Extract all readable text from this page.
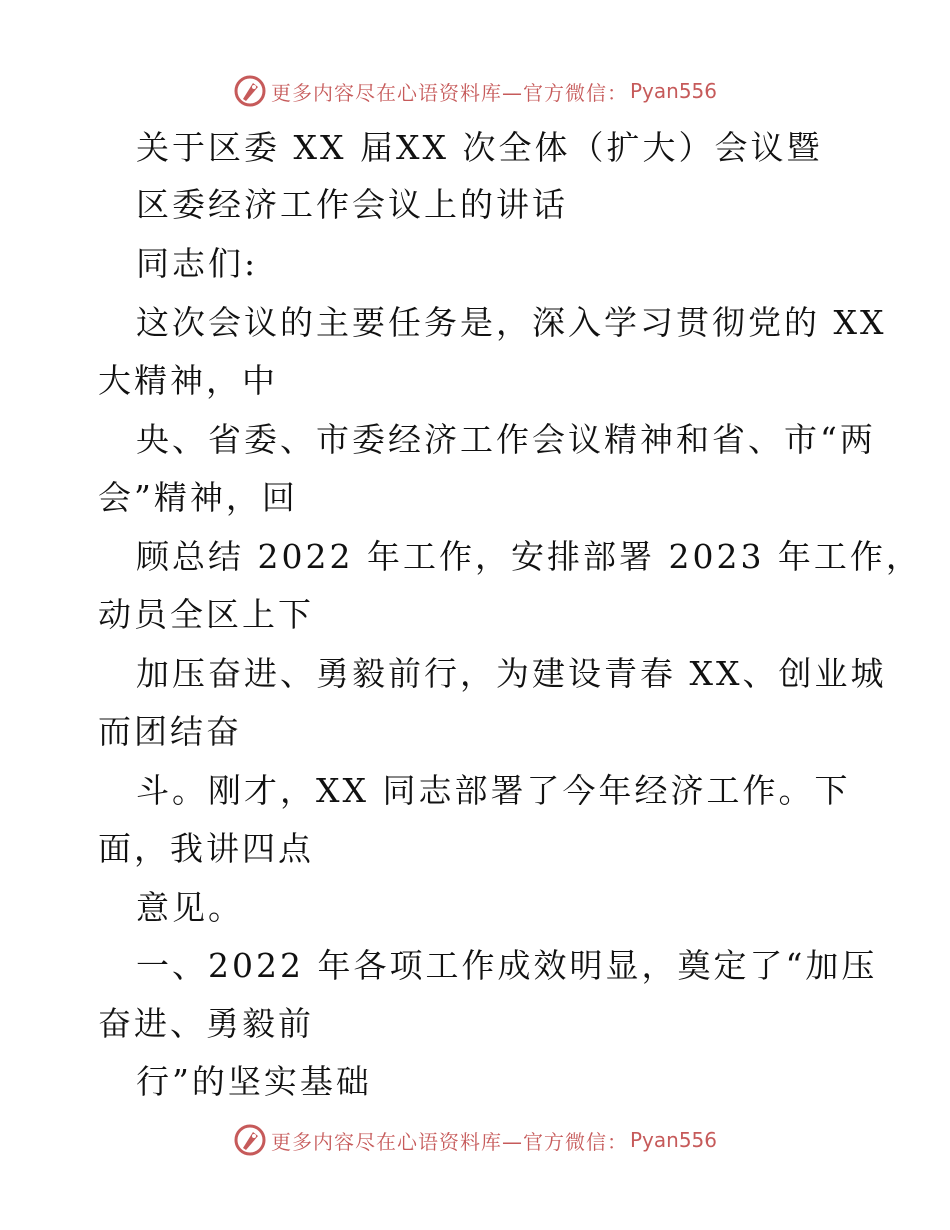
更多内容尽在心语资料库—官方微信： Pyan556
关于区委 XX 届XX 次全体（扩大）会议暨
区委经济工作会议上的讲话
同志们:
这次会议的主要任务是，深入学习贯彻党的 XX
大精神，中
央、省委、市委经济工作会议精神和省、市“两
会”精神，回
顾总结 2022 年工作，安排部署 2023 年工作，
动员全区上下
加压奋进、勇毅前行，为建设青春 XX、创业城
而团结奋
斗。刚才，XX 同志部署了今年经济工作。下
面，我讲四点
意见。
一、2022 年各项工作成效明显，奠定了“加压
奋进、勇毅前
行”的坚实基础
更多内容尽在心语资料库—官方微信： Pyan556
